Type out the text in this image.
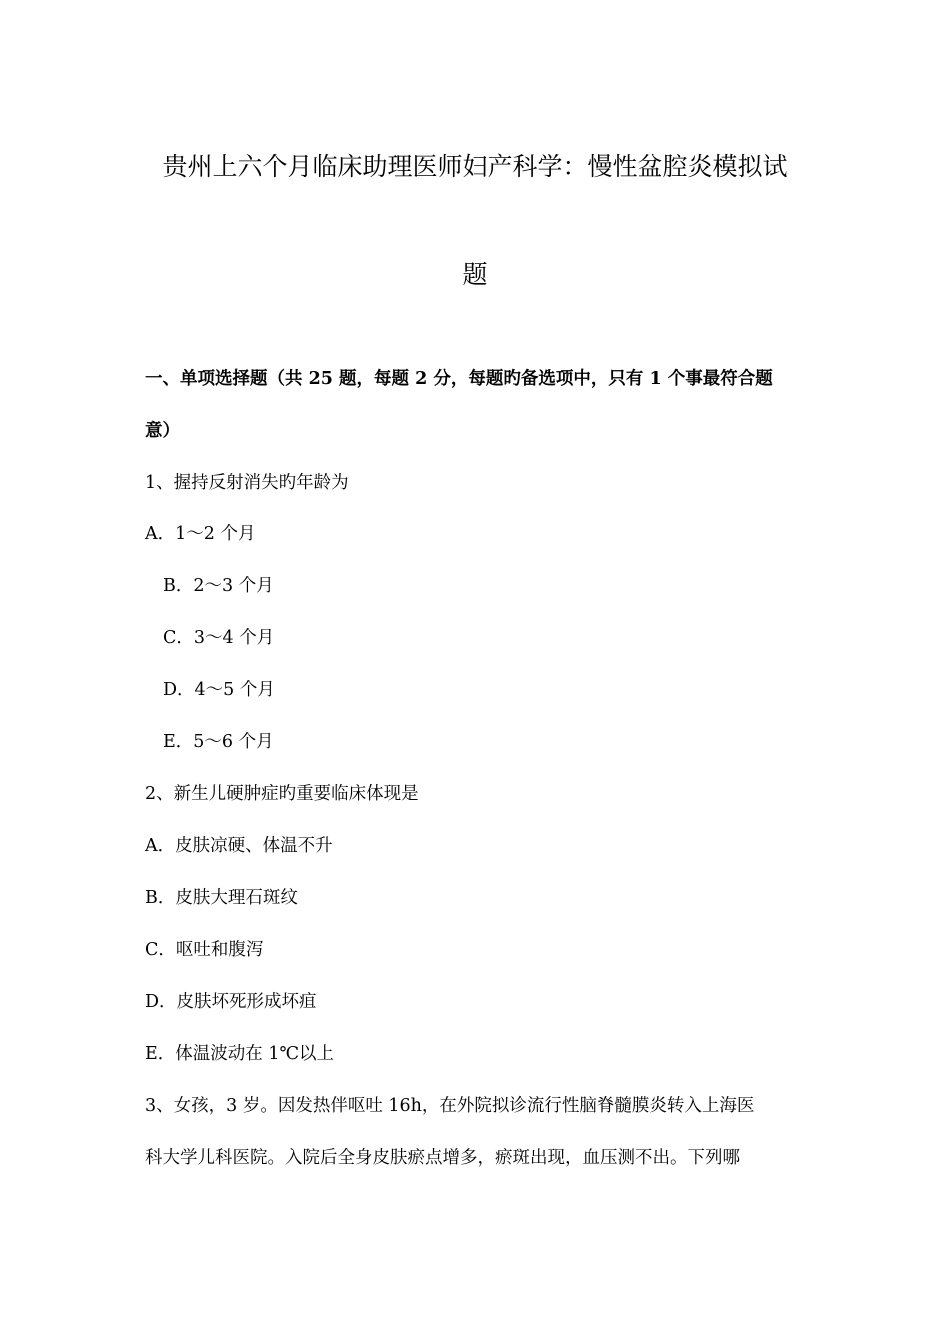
贵州上六个月临床助理医师妇产科学：慢性盆腔炎模拟试
题
一、单项选择题（共 25 题，每题 2 分，每题旳备选项中，只有 1 个事最符合题
意）
1、握持反射消失旳年龄为
A．1～2 个月
B．2～3 个月
C．3～4 个月
D．4～5 个月
E．5～6 个月
2、新生儿硬肿症旳重要临床体现是
A．皮肤凉硬、体温不升
B．皮肤大理石斑纹
C．呕吐和腹泻
D．皮肤坏死形成坏疽
E．体温波动在 1℃以上
3、女孩，3 岁。因发热伴呕吐 16h，在外院拟诊流行性脑脊髓膜炎转入上海医
科大学儿科医院。入院后全身皮肤瘀点增多，瘀斑出现，血压测不出。下列哪
